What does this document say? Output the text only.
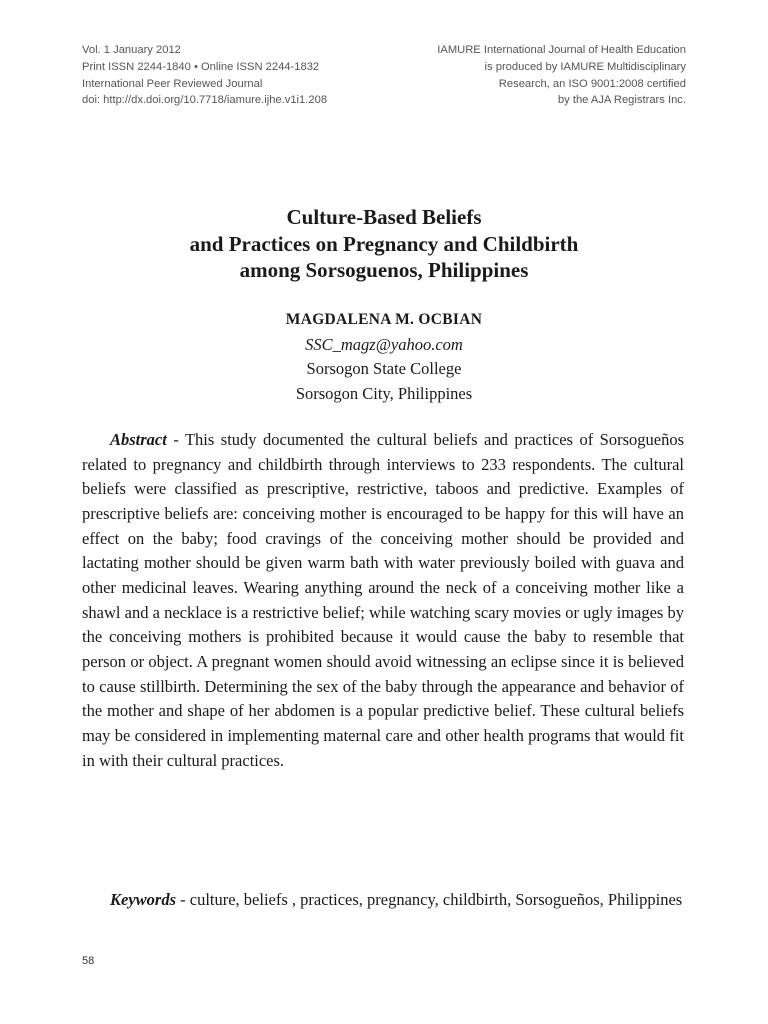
Vol. 1 January 2012
Print ISSN 2244-1840 • Online ISSN 2244-1832
International Peer Reviewed Journal
doi: http://dx.doi.org/10.7718/iamure.ijhe.v1i1.208
IAMURE International Journal of Health Education
is produced by IAMURE Multidisciplinary
Research, an ISO 9001:2008 certified
by the AJA Registrars Inc.
Culture-Based Beliefs
and Practices on Pregnancy and Childbirth
among Sorsoguenos, Philippines
MAGDALENA M. OCBIAN
SSC_magz@yahoo.com
Sorsogon State College
Sorsogon City, Philippines

Abstract - This study documented the cultural beliefs and practices of Sorsogueños related to pregnancy and childbirth through interviews to 233 respondents. The cultural beliefs were classified as prescriptive, restrictive, taboos and predictive. Examples of prescriptive beliefs are: conceiving mother is encouraged to be happy for this will have an effect on the baby; food cravings of the conceiving mother should be provided and lactating mother should be given warm bath with water previously boiled with guava and other medicinal leaves. Wearing anything around the neck of a conceiving mother like a shawl and a necklace is a restrictive belief; while watching scary movies or ugly images by the conceiving mothers is prohibited because it would cause the baby to resemble that person or object. A pregnant women should avoid witnessing an eclipse since it is believed to cause stillbirth. Determining the sex of the baby through the appearance and behavior of the mother and shape of her abdomen is a popular predictive belief. These cultural beliefs may be considered in implementing maternal care and other health programs that would fit in with their cultural practices.

Keywords - culture, beliefs , practices, pregnancy, childbirth, Sorsogueños, Philippines

58
